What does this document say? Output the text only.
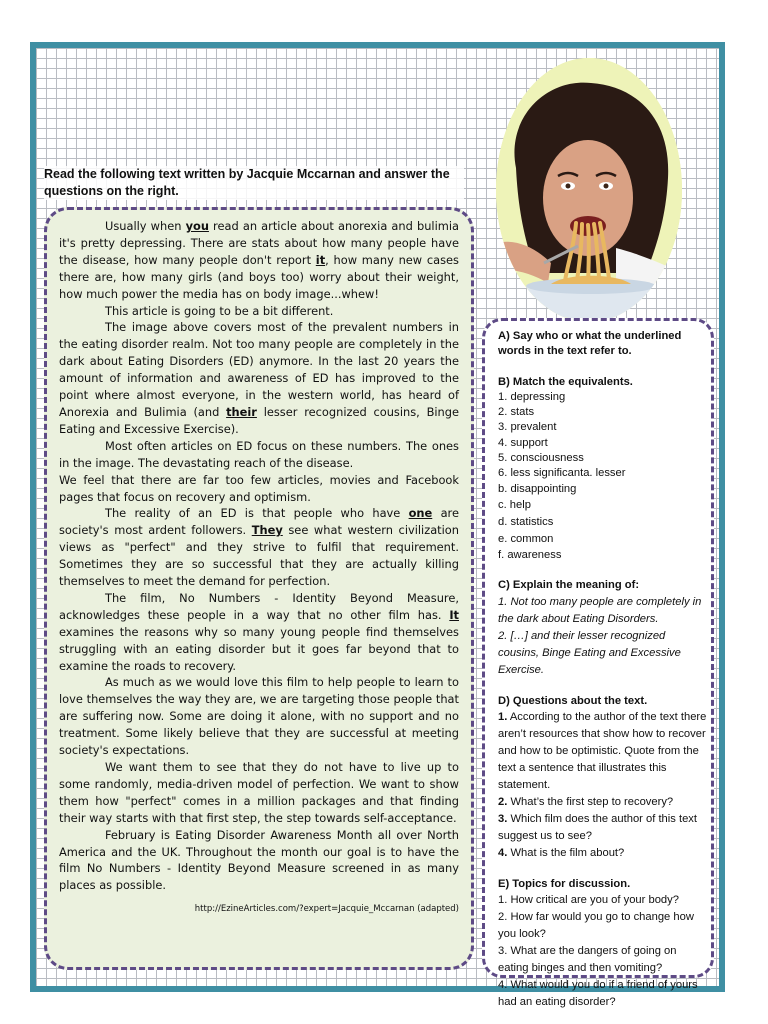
Read the following text written by Jacquie Mccarnan and answer the questions on the right.

Usually when you read an article about anorexia and bulimia it's pretty depressing. There are stats about how many people have the disease, how many people don't report it, how many new cases there are, how many girls (and boys too) worry about their weight, how much power the media has on body image...whew!

This article is going to be a bit different.

The image above covers most of the prevalent numbers in the eating disorder realm. Not too many people are completely in the dark about Eating Disorders (ED) anymore. In the last 20 years the amount of information and awareness of ED has improved to the point where almost everyone, in the western world, has heard of Anorexia and Bulimia (and their lesser recognized cousins, Binge Eating and Excessive Exercise).

Most often articles on ED focus on these numbers. The ones in the image. The devastating reach of the disease.

We feel that there are far too few articles, movies and Facebook pages that focus on recovery and optimism.

The reality of an ED is that people who have one are society's most ardent followers. They see what western civilization views as "perfect" and they strive to fulfil that requirement. Sometimes they are so successful that they are actually killing themselves to meet the demand for perfection.

The film, No Numbers - Identity Beyond Measure, acknowledges these people in a way that no other film has. It examines the reasons why so many young people find themselves struggling with an eating disorder but it goes far beyond that to examine the roads to recovery.

As much as we would love this film to help people to learn to love themselves the way they are, we are targeting those people that are suffering now. Some are doing it alone, with no support and no treatment. Some likely believe that they are successful at meeting society's expectations.

We want them to see that they do not have to live up to some randomly, media-driven model of perfection. We want to show them how "perfect" comes in a million packages and that finding their way starts with that first step, the step towards self-acceptance.

February is Eating Disorder Awareness Month all over North America and the UK. Throughout the month our goal is to have the film No Numbers - Identity Beyond Measure screened in as many places as possible.

http://EzineArticles.com/?expert=Jacquie_Mccarnan (adapted)
A) Say who or what the underlined words in the text refer to.
B) Match the equivalents.
1. depressing
2. stats
3. prevalent
4. support
5. consciousness
6. less significanta. lesser
b. disappointing
c. help
d. statistics
e. common
f. awareness
C) Explain the meaning of:
1. Not too many people are completely in the dark about Eating Disorders.
2. […] and their lesser recognized cousins, Binge Eating and Excessive Exercise.
D) Questions about the text.
1. According to the author of the text there aren’t resources that show how to recover and how to be optimistic. Quote from the text a sentence that illustrates this statement.
2. What’s the first step to recovery?
3. Which film does the author of this text suggest us to see?
4. What is the film about?
E) Topics for discussion.
1. How critical are you of your body?
2. How far would you go to change how you look?
3. What are the dangers of going on eating binges and then vomiting?
4. What would you do if a friend of yours had an eating disorder?
